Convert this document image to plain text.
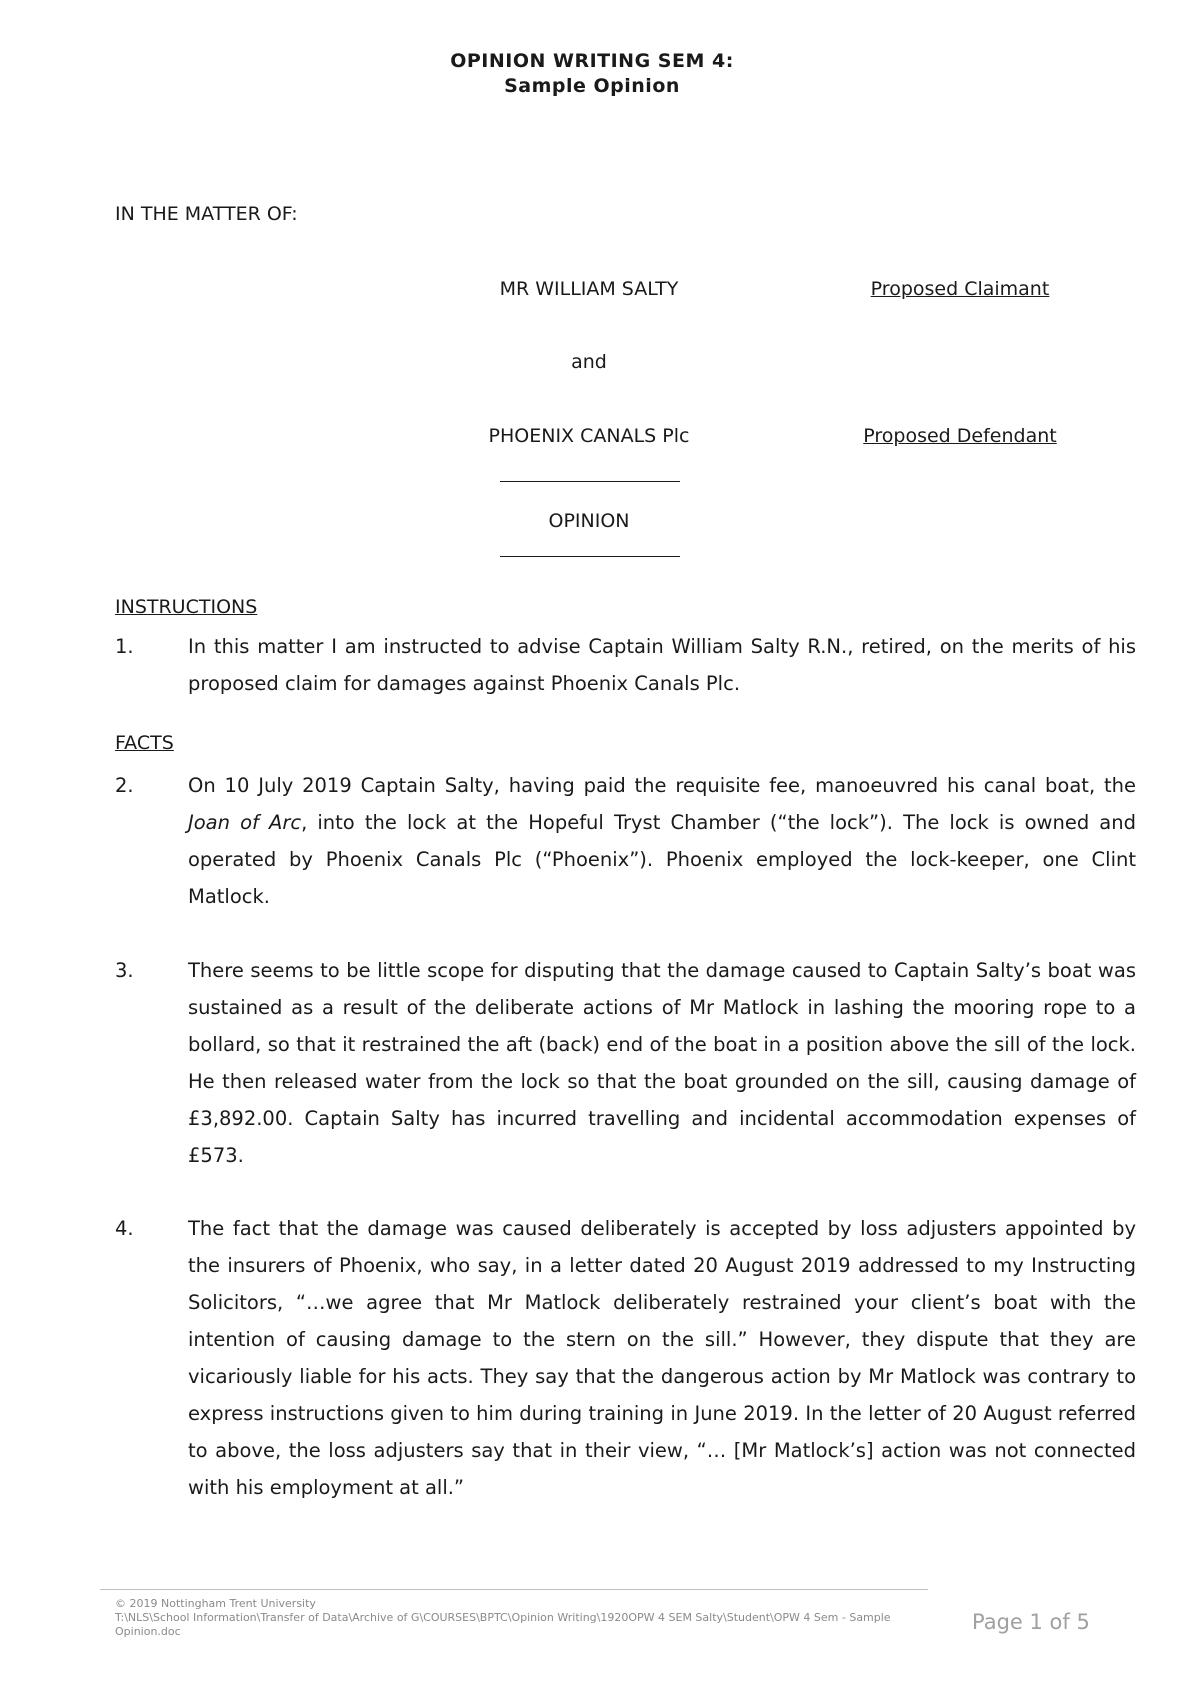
OPINION WRITING SEM 4:
Sample Opinion
IN THE MATTER OF:
MR WILLIAM SALTY	Proposed Claimant
and
PHOENIX CANALS Plc	Proposed Defendant
OPINION
INSTRUCTIONS
1.	In this matter I am instructed to advise Captain William Salty R.N., retired, on the merits of his proposed claim for damages against Phoenix Canals Plc.
FACTS
2.	On 10 July 2019 Captain Salty, having paid the requisite fee, manoeuvred his canal boat, the Joan of Arc, into the lock at the Hopeful Tryst Chamber (“the lock”). The lock is owned and operated by Phoenix Canals Plc (“Phoenix”). Phoenix employed the lock-keeper, one Clint Matlock.
3.	There seems to be little scope for disputing that the damage caused to Captain Salty’s boat was sustained as a result of the deliberate actions of Mr Matlock in lashing the mooring rope to a bollard, so that it restrained the aft (back) end of the boat in a position above the sill of the lock. He then released water from the lock so that the boat grounded on the sill, causing damage of £3,892.00. Captain Salty has incurred travelling and incidental accommodation expenses of £573.
4.	The fact that the damage was caused deliberately is accepted by loss adjusters appointed by the insurers of Phoenix, who say, in a letter dated 20 August 2019 addressed to my Instructing Solicitors, “…we agree that Mr Matlock deliberately restrained your client’s boat with the intention of causing damage to the stern on the sill.” However, they dispute that they are vicariously liable for his acts. They say that the dangerous action by Mr Matlock was contrary to express instructions given to him during training in June 2019. In the letter of 20 August referred to above, the loss adjusters say that in their view, “… [Mr Matlock’s] action was not connected with his employment at all.”
© 2019 Nottingham Trent University
T:\NLS\School Information\Transfer of Data\Archive of G\COURSES\BPTC\Opinion Writing\1920OPW 4 SEM Salty\Student\OPW 4 Sem - Sample Opinion.doc	Page 1 of 5
